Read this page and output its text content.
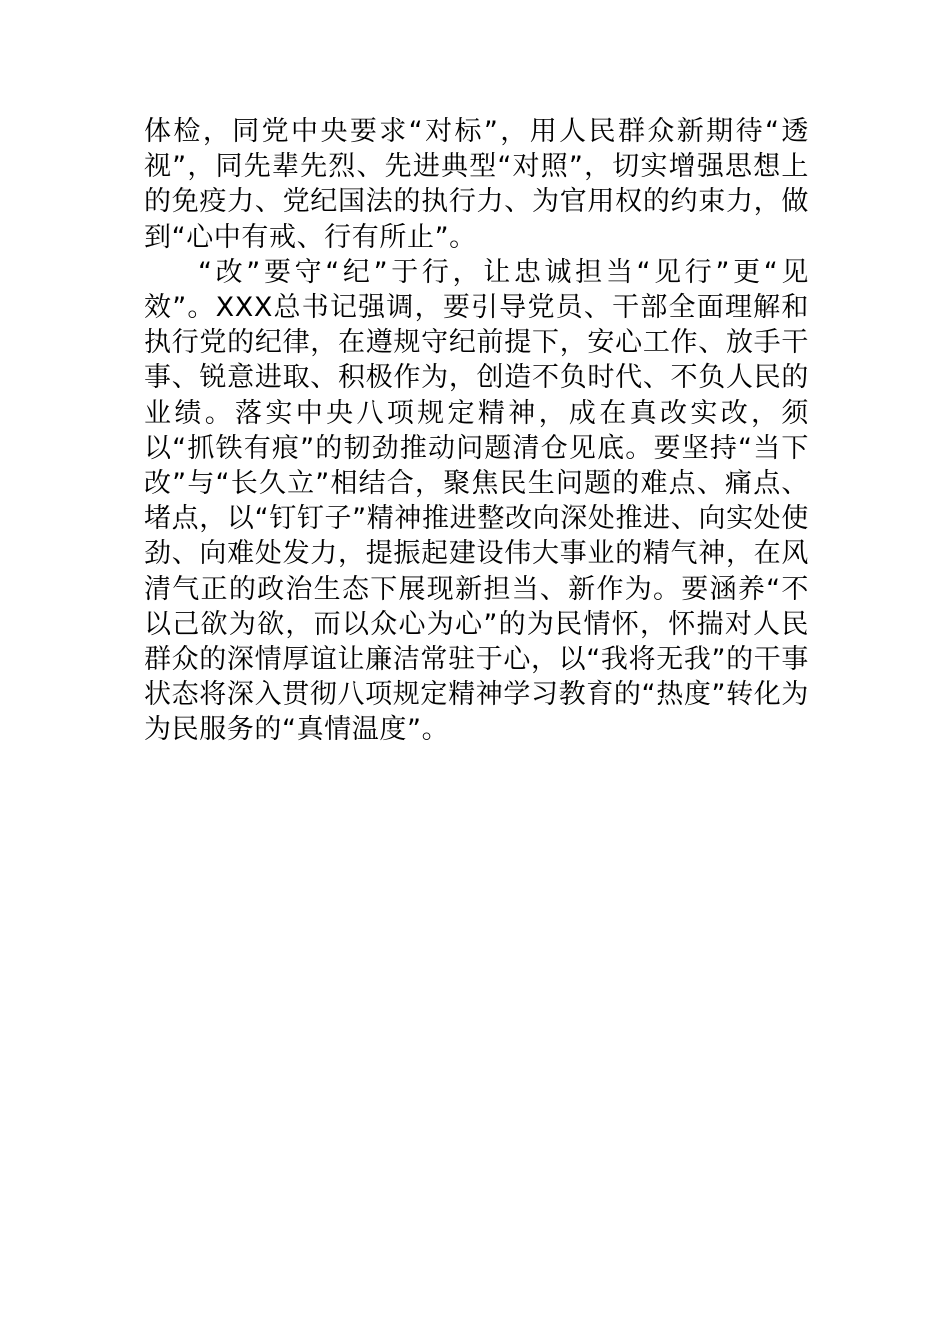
体检，同党中央要求“对标”，用人民群众新期待“透视”，同先辈先烈、先进典型“对照”，切实增强思想上的免疫力、党纪国法的执行力、为官用权的约束力，做到“心中有戒、行有所止”。

“改”要守“纪”于行，让忠诚担当“见行”更“见效”。XXX总书记强调，要引导党员、干部全面理解和执行党的纪律，在遵规守纪前提下，安心工作、放手干事、锐意进取、积极作为，创造不负时代、不负人民的业绩。落实中央八项规定精神，成在真改实改，须以“抓铁有痕”的韧劲推动问题清仓见底。要坚持“当下改”与“长久立”相结合，聚焦民生问题的难点、痛点、堵点，以“钉钉子”精神推进整改向深处推进、向实处使劲、向难处发力，提振起建设伟大事业的精气神，在风清气正的政治生态下展现新担当、新作为。要涵养“不以己欲为欲，而以众心为心”的为民情怀，怀揣对人民群众的深情厚谊让廉洁常驻于心，以“我将无我”的干事状态将深入贯彻八项规定精神学习教育的“热度”转化为为民服务的“真情温度”。
